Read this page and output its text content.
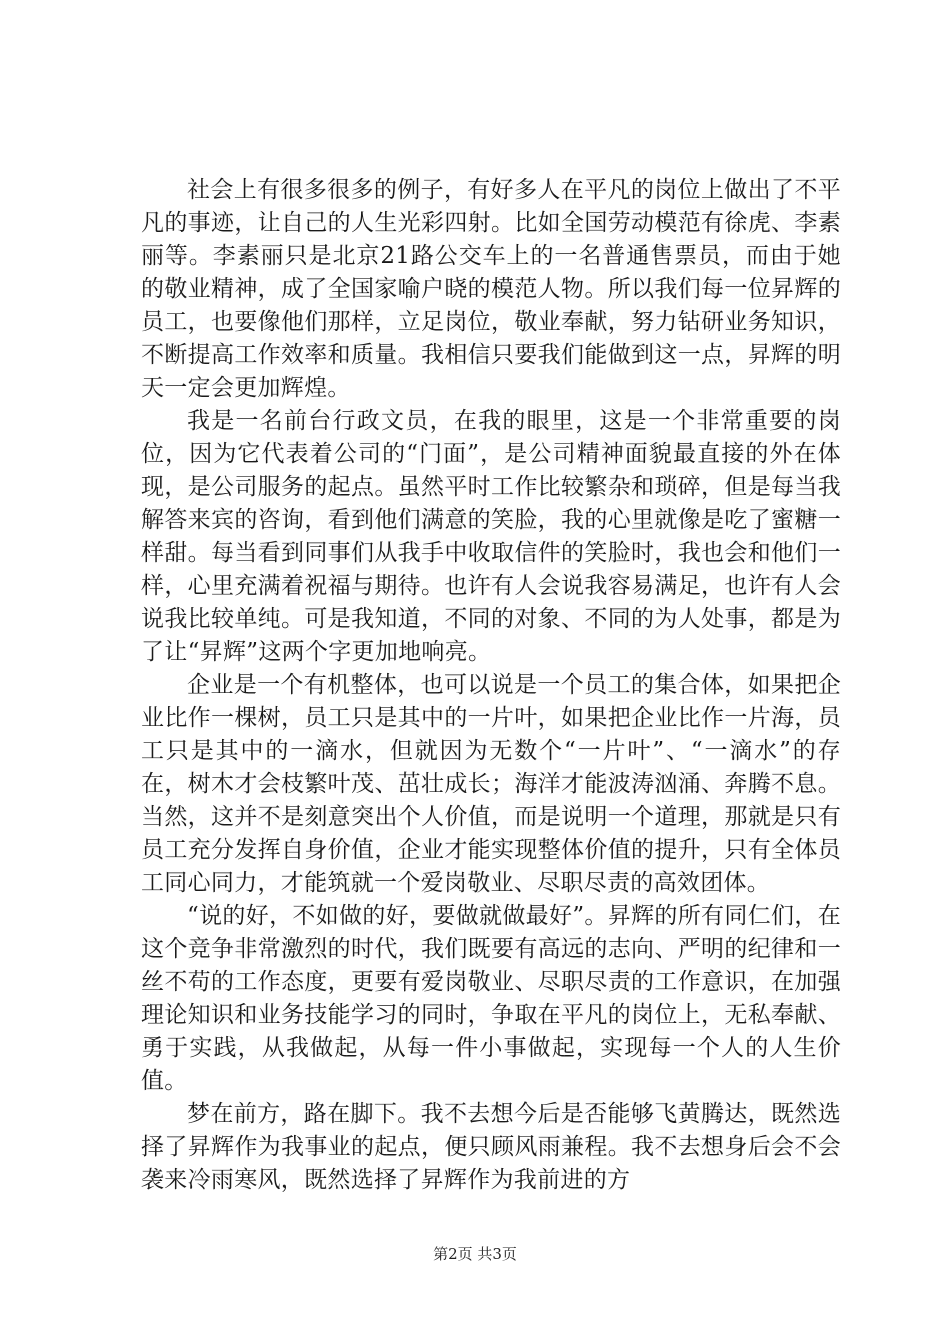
社会上有很多很多的例子，有好多人在平凡的岗位上做出了不平凡的事迹，让自己的人生光彩四射。比如全国劳动模范有徐虎、李素丽等。李素丽只是北京21路公交车上的一名普通售票员，而由于她的敬业精神，成了全国家喻户晓的模范人物。所以我们每一位昇辉的员工，也要像他们那样，立足岗位，敬业奉献，努力钻研业务知识，不断提高工作效率和质量。我相信只要我们能做到这一点，昇辉的明天一定会更加辉煌。

我是一名前台行政文员，在我的眼里，这是一个非常重要的岗位，因为它代表着公司的“门面”，是公司精神面貌最直接的外在体现，是公司服务的起点。虽然平时工作比较繁杂和琐碎，但是每当我解答来宾的咨询，看到他们满意的笑脸，我的心里就像是吃了蜜糖一样甜。每当看到同事们从我手中收取信件的笑脸时，我也会和他们一样，心里充满着祝福与期待。也许有人会说我容易满足，也许有人会说我比较单纯。可是我知道，不同的对象、不同的为人处事，都是为了让“昇辉”这两个字更加地响亮。

企业是一个有机整体，也可以说是一个员工的集合体，如果把企业比作一棵树，员工只是其中的一片叶，如果把企业比作一片海，员工只是其中的一滴水，但就因为无数个“一片叶”、“一滴水”的存在，树木才会枝繁叶茂、茁壮成长；海洋才能波涛汹涌、奔腾不息。当然，这并不是刻意突出个人价值，而是说明一个道理，那就是只有员工充分发挥自身价值，企业才能实现整体价值的提升，只有全体员工同心同力，才能筑就一个爱岗敬业、尽职尽责的高效团体。

“说的好，不如做的好，要做就做最好”。昇辉的所有同仁们，在这个竞争非常激烈的时代，我们既要有高远的志向、严明的纪律和一丝不苟的工作态度，更要有爱岗敬业、尽职尽责的工作意识，在加强理论知识和业务技能学习的同时，争取在平凡的岗位上，无私奉献、勇于实践，从我做起，从每一件小事做起，实现每一个人的人生价值。

梦在前方，路在脚下。我不去想今后是否能够飞黄腾达，既然选择了昇辉作为我事业的起点，便只顾风雨兼程。我不去想身后会不会袭来冷雨寒风，既然选择了昇辉作为我前进的方

第2页 共3页
